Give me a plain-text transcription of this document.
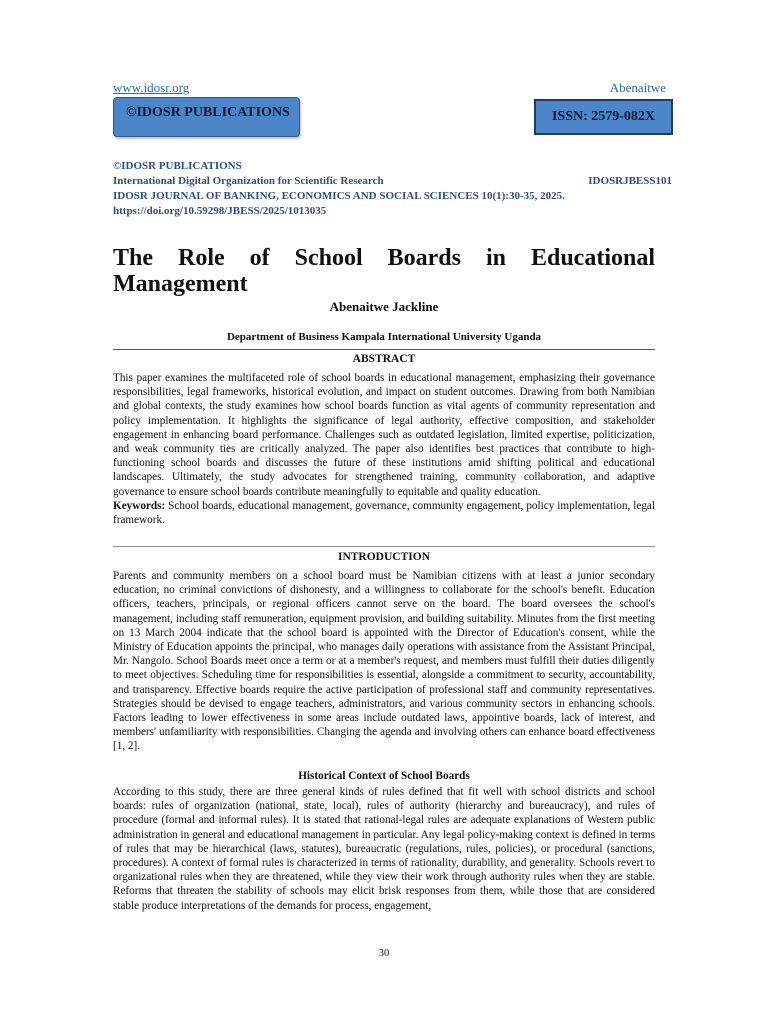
www.idosr.org	Abenaitwe
©IDOSR PUBLICATIONS	ISSN: 2579-082X
©IDOSR PUBLICATIONS
International Digital Organization for Scientific Research	IDOSRJBESS101
IDOSR JOURNAL OF BANKING, ECONOMICS AND SOCIAL SCIENCES 10(1):30-35, 2025.
https://doi.org/10.59298/JBESS/2025/1013035
The Role of School Boards in Educational
Management
Abenaitwe Jackline
Department of Business Kampala International University Uganda
ABSTRACT
This paper examines the multifaceted role of school boards in educational management, emphasizing their governance responsibilities, legal frameworks, historical evolution, and impact on student outcomes. Drawing from both Namibian and global contexts, the study examines how school boards function as vital agents of community representation and policy implementation. It highlights the significance of legal authority, effective composition, and stakeholder engagement in enhancing board performance. Challenges such as outdated legislation, limited expertise, politicization, and weak community ties are critically analyzed. The paper also identifies best practices that contribute to high-functioning school boards and discusses the future of these institutions amid shifting political and educational landscapes. Ultimately, the study advocates for strengthened training, community collaboration, and adaptive governance to ensure school boards contribute meaningfully to equitable and quality education.
Keywords: School boards, educational management, governance, community engagement, policy implementation, legal framework.
INTRODUCTION
Parents and community members on a school board must be Namibian citizens with at least a junior secondary education, no criminal convictions of dishonesty, and a willingness to collaborate for the school's benefit. Education officers, teachers, principals, or regional officers cannot serve on the board. The board oversees the school's management, including staff remuneration, equipment provision, and building suitability. Minutes from the first meeting on 13 March 2004 indicate that the school board is appointed with the Director of Education's consent, while the Ministry of Education appoints the principal, who manages daily operations with assistance from the Assistant Principal, Mr. Nangolo. School Boards meet once a term or at a member's request, and members must fulfill their duties diligently to meet objectives. Scheduling time for responsibilities is essential, alongside a commitment to security, accountability, and transparency. Effective boards require the active participation of professional staff and community representatives. Strategies should be devised to engage teachers, administrators, and various community sectors in enhancing schools. Factors leading to lower effectiveness in some areas include outdated laws, appointive boards, lack of interest, and members' unfamiliarity with responsibilities. Changing the agenda and involving others can enhance board effectiveness [1, 2].
Historical Context of School Boards
According to this study, there are three general kinds of rules defined that fit well with school districts and school boards: rules of organization (national, state, local), rules of authority (hierarchy and bureaucracy), and rules of procedure (formal and informal rules). It is stated that rational-legal rules are adequate explanations of Western public administration in general and educational management in particular. Any legal policy-making context is defined in terms of rules that may be hierarchical (laws, statutes), bureaucratic (regulations, rules, policies), or procedural (sanctions, procedures). A context of formal rules is characterized in terms of rationality, durability, and generality. Schools revert to organizational rules when they are threatened, while they view their work through authority rules when they are stable. Reforms that threaten the stability of schools may elicit brisk responses from them, while those that are considered stable produce interpretations of the demands for process, engagement,
30
